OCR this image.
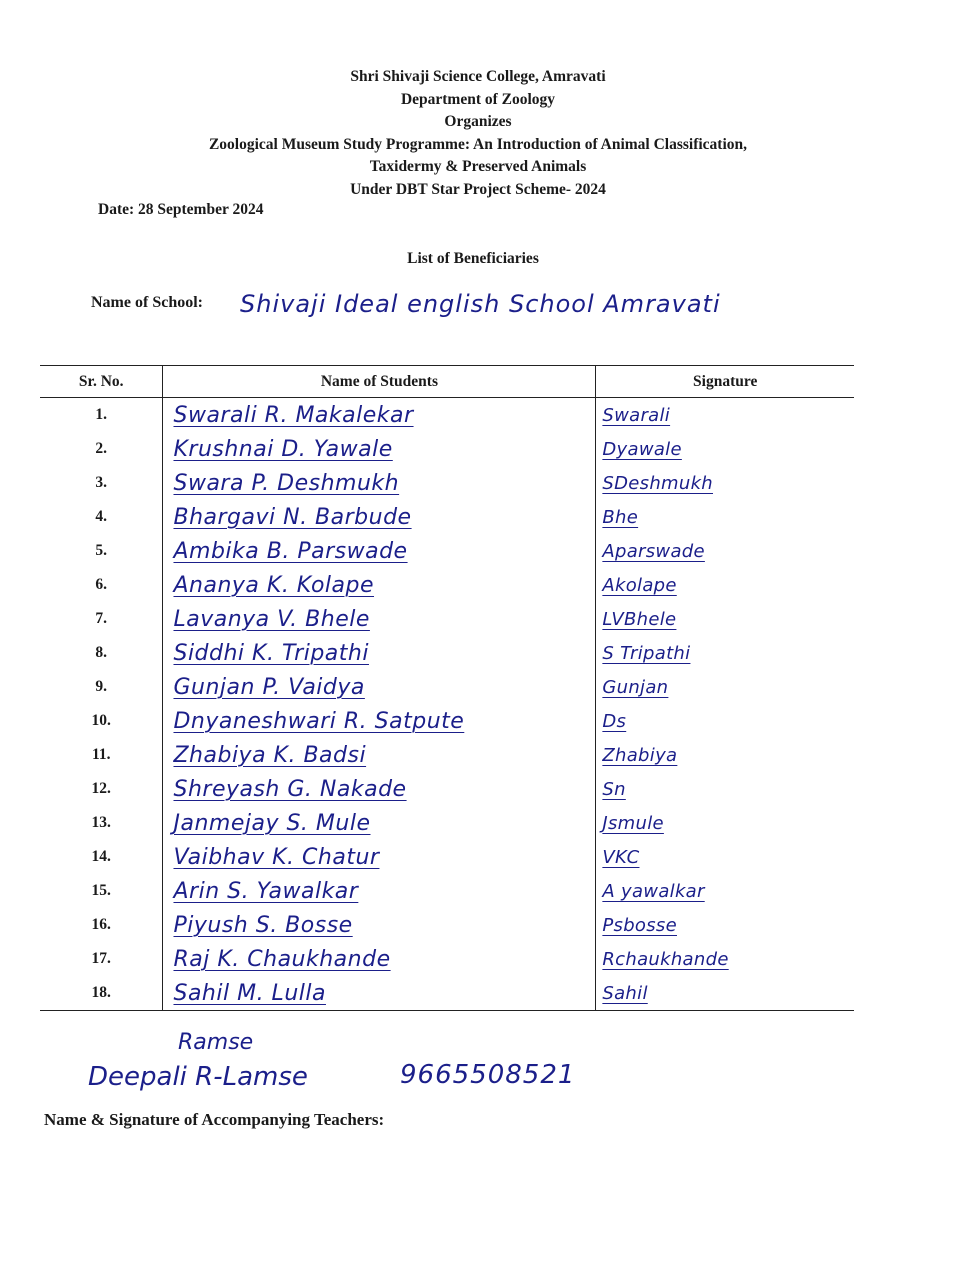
Shri Shivaji Science College, Amravati
Department of Zoology
Organizes
Zoological Museum Study Programme: An Introduction of Animal Classification,
Taxidermy & Preserved Animals
Under DBT Star Project Scheme- 2024
Date: 28 September 2024
List of Beneficiaries
Name of School: Shivaji Ideal english School Amravati
Sr. No.	Name of Students	Signature
1.	Swarali R. Makalekar	Swarali
2.	Krushnai D. Yawale	Dyawale
3.	Swara P. Deshmukh	SDeshmukh
4.	Bhargavi N. Barbude	Bhe
5.	Ambika B. Parswade	Aparswade
6.	Ananya K. Kolape	Akolape
7.	Lavanya V. Bhele	LVBhele
8.	Siddhi K. Tripathi	S Tripathi
9.	Gunjan P. Vaidya	Gunjan
10.	Dnyaneshwari R. Satpute	Ds
11.	Zhabiya K. Badsi	Zhabiya
12.	Shreyash G. Nakade	Sn
13.	Janmejay S. Mule	Jsmule
14.	Vaibhav K. Chatur	VKC
15.	Arin S. Yawalkar	A yawalkar
16.	Piyush S. Bosse	Psbosse
17.	Raj K. Chaukhande	Rchaukhande
18.	Sahil M. Lulla	Sahil
Ramse
Deepali R-Lamse	9665508521
Name & Signature of Accompanying Teachers:
